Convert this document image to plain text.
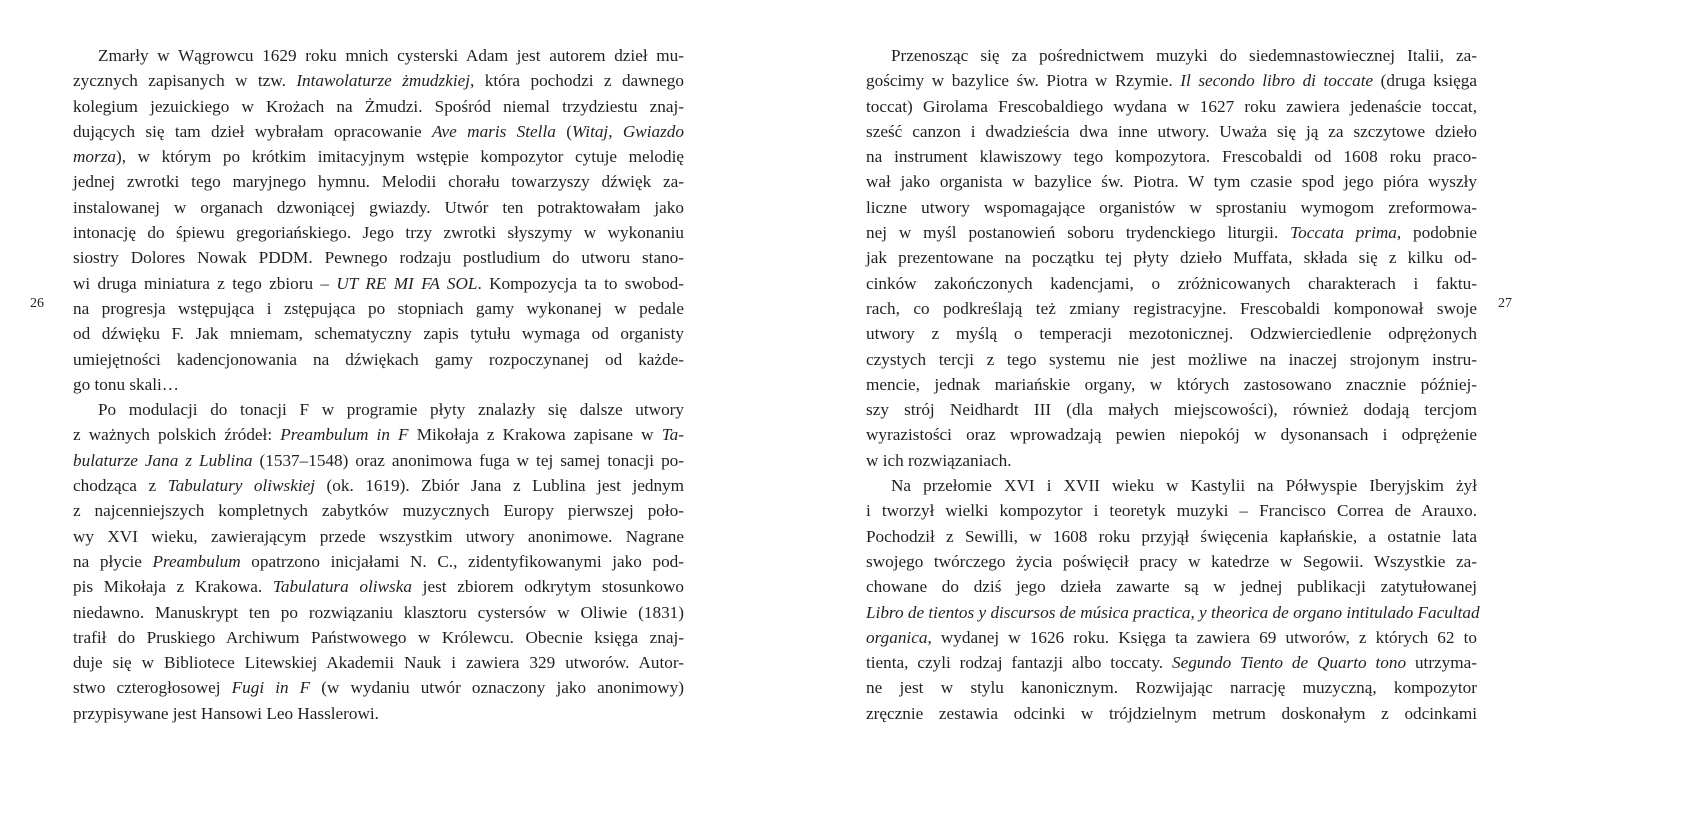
26
Zmarły w Wągrowcu 1629 roku mnich cysterski Adam jest autorem dzieł mu-
zycznych zapisanych w tzw. Intawolaturze żmudzkiej, która pochodzi z dawnego
kolegium jezuickiego w Krożach na Żmudzi. Spośród niemal trzydziestu znaj-
dujących się tam dzieł wybrałam opracowanie Ave maris Stella (Witaj, Gwiazdo
morza), w którym po krótkim imitacyjnym wstępie kompozytor cytuje melodię
jednej zwrotki tego maryjnego hymnu. Melodii chorału towarzyszy dźwięk za-
instalowanej w organach dzwoniącej gwiazdy. Utwór ten potraktowałam jako
intonację do śpiewu gregoriańskiego. Jego trzy zwrotki słyszymy w wykonaniu
siostry Dolores Nowak PDDM. Pewnego rodzaju postludium do utworu stano-
wi druga miniatura z tego zbioru – UT RE MI FA SOL. Kompozycja ta to swobod-
na progresja wstępująca i zstępująca po stopniach gamy wykonanej w pedale
od dźwięku F. Jak mniemam, schematyczny zapis tytułu wymaga od organisty
umiejętności kadencjonowania na dźwiękach gamy rozpoczynanej od każde-
go tonu skali…
Po modulacji do tonacji F w programie płyty znalazły się dalsze utwory
z ważnych polskich źródeł: Preambulum in F Mikołaja z Krakowa zapisane w Ta-
bulaturze Jana z Lublina (1537–1548) oraz anonimowa fuga w tej samej tonacji po-
chodząca z Tabulatury oliwskiej (ok. 1619). Zbiór Jana z Lublina jest jednym
z najcenniejszych kompletnych zabytków muzycznych Europy pierwszej poło-
wy XVI wieku, zawierającym przede wszystkim utwory anonimowe. Nagrane
na płycie Preambulum opatrzono inicjałami N. C., zidentyfikowanymi jako pod-
pis Mikołaja z Krakowa. Tabulatura oliwska jest zbiorem odkrytym stosunkowo
niedawno. Manuskrypt ten po rozwiązaniu klasztoru cystersów w Oliwie (1831)
trafił do Pruskiego Archiwum Państwowego w Królewcu. Obecnie księga znaj-
duje się w Bibliotece Litewskiej Akademii Nauk i zawiera 329 utworów. Autor-
stwo czterogłosowej Fugi in F (w wydaniu utwór oznaczony jako anonimowy)
przypisywane jest Hansowi Leo Hasslerowi.
Przenosząc się za pośrednictwem muzyki do siedemnastowiecznej Italii, za-
gościmy w bazylice św. Piotra w Rzymie. Il secondo libro di toccate (druga księga
toccat) Girolama Frescobaldiego wydana w 1627 roku zawiera jedenaście toccat,
sześć canzon i dwadzieścia dwa inne utwory. Uważa się ją za szczytowe dzieło
na instrument klawiszowy tego kompozytora. Frescobaldi od 1608 roku praco-
wał jako organista w bazylice św. Piotra. W tym czasie spod jego pióra wyszły
liczne utwory wspomagające organistów w sprostaniu wymogom zreformowa-
nej w myśl postanowień soboru trydenckiego liturgii. Toccata prima, podobnie
jak prezentowane na początku tej płyty dzieło Muffata, składa się z kilku od-
cinków zakończonych kadencjami, o zróżnicowanych charakterach i faktu-
rach, co podkreślają też zmiany registracyjne. Frescobaldi komponował swoje
utwory z myślą o temperacji mezotonicznej. Odzwierciedlenie odprężonych
czystych tercji z tego systemu nie jest możliwe na inaczej strojonym instru-
mencie, jednak mariańskie organy, w których zastosowano znacznie później-
szy strój Neidhardt III (dla małych miejscowości), również dodają tercjom
wyrazistości oraz wprowadzają pewien niepokój w dysonansach i odprężenie
w ich rozwiązaniach.
Na przełomie XVI i XVII wieku w Kastylii na Półwyspie Iberyjskim żył
i tworzył wielki kompozytor i teoretyk muzyki – Francisco Correa de Arauxo.
Pochodził z Sewilli, w 1608 roku przyjął święcenia kapłańskie, a ostatnie lata
swojego twórczego życia poświęcił pracy w katedrze w Segowii. Wszystkie za-
chowane do dziś jego dzieła zawarte są w jednej publikacji zatytułowanej
Libro de tientos y discursos de música practica, y theorica de organo intitulado Facultad
organica, wydanej w 1626 roku. Księga ta zawiera 69 utworów, z których 62 to
tienta, czyli rodzaj fantazji albo toccaty. Segundo Tiento de Quarto tono utrzyma-
ne jest w stylu kanonicznym. Rozwijając narrację muzyczną, kompozytor
zręcznie zestawia odcinki w trójdzielnym metrum doskonałym z odcinkami
27
